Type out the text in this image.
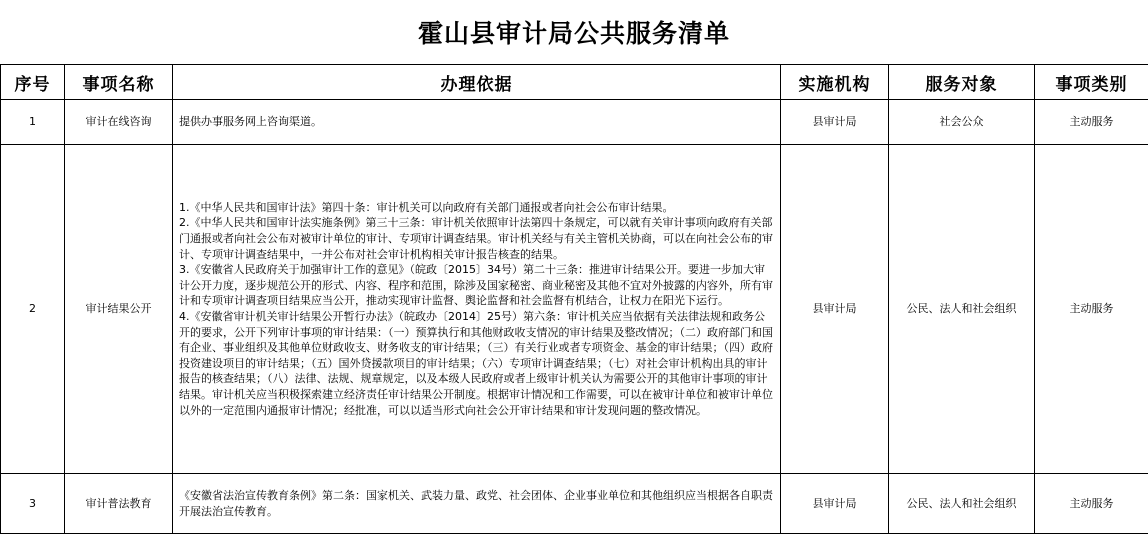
霍山县审计局公共服务清单
序号	事项名称	办理依据	实施机构	服务对象	事项类别
1	审计在线咨询	提供办事服务网上咨询渠道。	县审计局	社会公众	主动服务
2	审计结果公开	1.《中华人民共和国审计法》第四十条：审计机关可以向政府有关部门通报或者向社会公布审计结果。
2.《中华人民共和国审计法实施条例》第三十三条：审计机关依照审计法第四十条规定，可以就有关审计事项向政府有关部门通报或者向社会公布对被审计单位的审计、专项审计调查结果。审计机关经与有关主管机关协商，可以在向社会公布的审计、专项审计调查结果中，一并公布对社会审计机构相关审计报告核查的结果。
3.《安徽省人民政府关于加强审计工作的意见》（皖政〔2015〕34号）第二十三条：推进审计结果公开。要进一步加大审计公开力度，逐步规范公开的形式、内容、程序和范围，除涉及国家秘密、商业秘密及其他不宜对外披露的内容外，所有审计和专项审计调查项目结果应当公开，推动实现审计监督、舆论监督和社会监督有机结合，让权力在阳光下运行。
4.《安徽省审计机关审计结果公开暂行办法》（皖政办〔2014〕25号）第六条：审计机关应当依据有关法律法规和政务公开的要求，公开下列审计事项的审计结果：（一）预算执行和其他财政收支情况的审计结果及整改情况；（二）政府部门和国有企业、事业组织及其他单位财政收支、财务收支的审计结果；（三）有关行业或者专项资金、基金的审计结果；（四）政府投资建设项目的审计结果；（五）国外贷援款项目的审计结果；（六）专项审计调查结果；（七）对社会审计机构出具的审计报告的核查结果；（八）法律、法规、规章规定，以及本级人民政府或者上级审计机关认为需要公开的其他审计事项的审计结果。审计机关应当积极探索建立经济责任审计结果公开制度。根据审计情况和工作需要，可以在被审计单位和被审计单位以外的一定范围内通报审计情况；经批准，可以以适当形式向社会公开审计结果和审计发现问题的整改情况。	县审计局	公民、法人和社会组织	主动服务
3	审计普法教育	《安徽省法治宣传教育条例》第二条：国家机关、武装力量、政党、社会团体、企业事业单位和其他组织应当根据各自职责开展法治宣传教育。	县审计局	公民、法人和社会组织	主动服务
